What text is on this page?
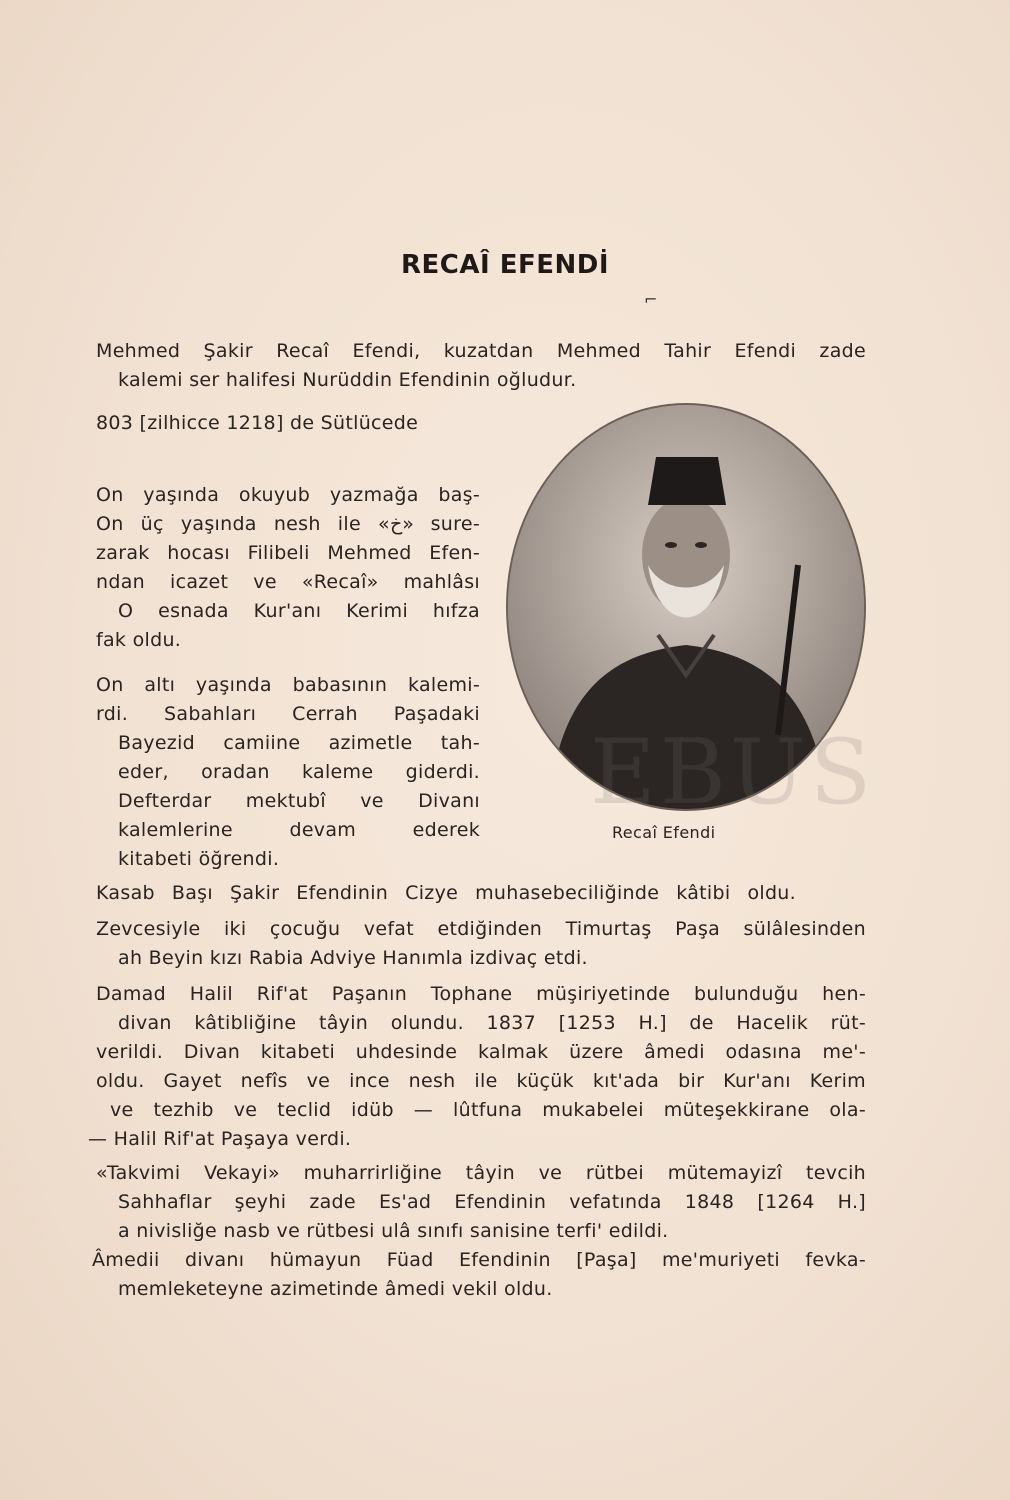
RECAÎ EFENDİ
⌐
Mehmed Şakir Recaî Efendi, kuzatdan Mehmed Tahir Efendi zade
kalemi ser halifesi Nurüddin Efendinin oğludur.
803 [zilhicce 1218] de Sütlücede
On yaşında okuyub yazmağa baş-
On üç yaşında nesh ile «خ» sure-
zarak hocası Filibeli Mehmed Efen-
ndan icazet ve «Recaî» mahlâsı
O esnada Kur'anı Kerimi hıfza
fak oldu.
On altı yaşında babasının kalemi-
rdi. Sabahları Cerrah Paşadaki
Bayezid camiine azimetle tah-
eder, oradan kaleme giderdi.
Defterdar mektubî ve Divanı
kalemlerine devam ederek
kitabeti öğrendi.
Recaî Efendi
EBUS
Kasab Başı Şakir Efendinin Cizye muhasebeciliğinde kâtibi oldu.
Zevcesiyle iki çocuğu vefat etdiğinden Timurtaş Paşa sülâlesinden
ah Beyin kızı Rabia Adviye Hanımla izdivaç etdi.
Damad Halil Rif'at Paşanın Tophane müşiriyetinde bulunduğu hen-
divan kâtibliğine tâyin olundu. 1837 [1253 H.] de Hacelik rüt-
verildi. Divan kitabeti uhdesinde kalmak üzere âmedi odasına me'-
oldu. Gayet nefîs ve ince nesh ile küçük kıt'ada bir Kur'anı Kerim
ve tezhib ve teclid idüb — lûtfuna mukabelei müteşekkirane ola-
— Halil Rif'at Paşaya verdi.
«Takvimi Vekayi» muharrirliğine tâyin ve rütbei mütemayizî tevcih
Sahhaflar şeyhi zade Es'ad Efendinin vefatında 1848 [1264 H.]
a nivisliğe nasb ve rütbesi ulâ sınıfı sanisine terfi' edildi.
Âmedii divanı hümayun Füad Efendinin [Paşa] me'muriyeti fevka-
memleketeyne azimetinde âmedi vekil oldu.
